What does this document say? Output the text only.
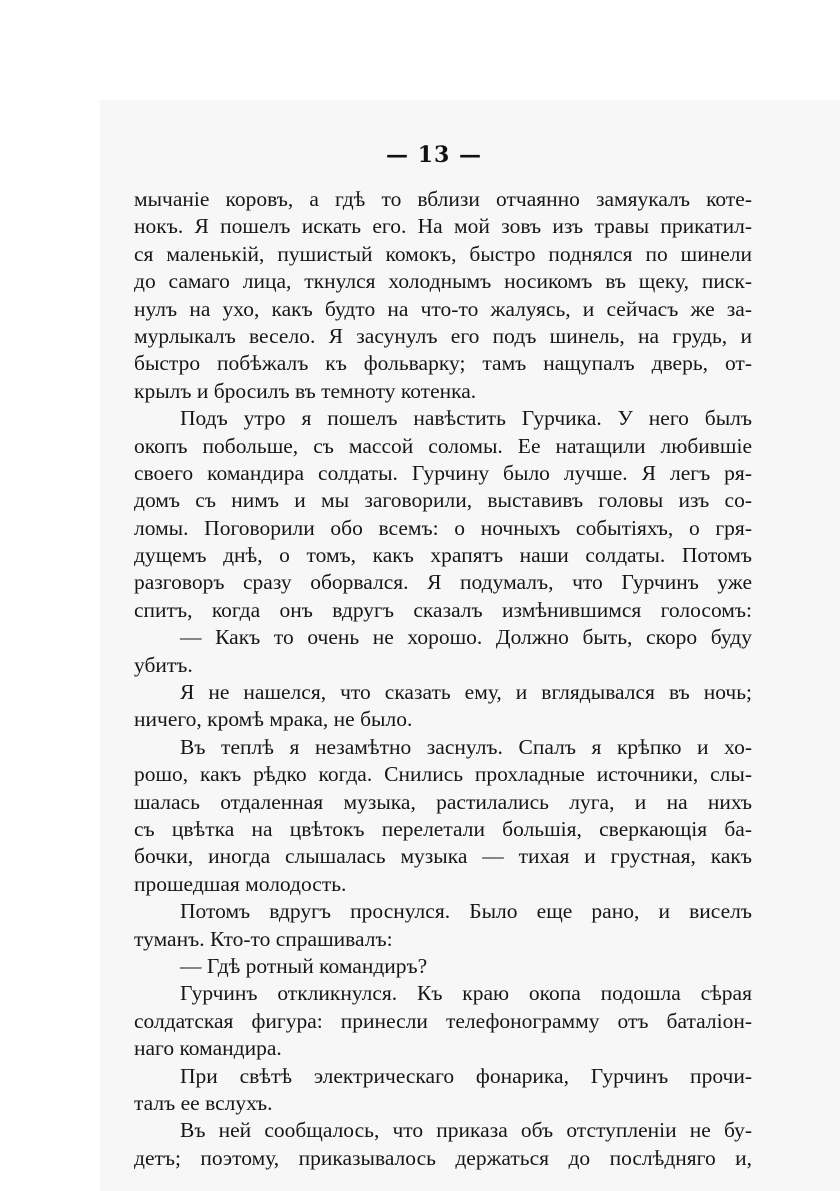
— 13 —
мычанiе коровъ, а гдѣ то вблизи отчаянно замяукалъ коте-
нокъ. Я пошелъ искать его. На мой зовъ изъ травы прикатил-
ся маленькiй, пушистый комокъ, быстро поднялся по шинели
до самаго лица, ткнулся холоднымъ носикомъ въ щеку, писк-
нулъ на ухо, какъ будто на что-то жалуясь, и сейчасъ же за-
мурлыкалъ весело. Я засунулъ его подъ шинель, на грудь, и
быстро побѣжалъ къ фольварку; тамъ нащупалъ дверь, от-
крылъ и бросилъ въ темноту котенка.
Подъ утро я пошелъ навѣстить Гурчика. У него былъ
окопъ побольше, съ массой соломы. Ее натащили любившiе
своего командира солдаты. Гурчину было лучше. Я легъ ря-
домъ съ нимъ и мы заговорили, выставивъ головы изъ со-
ломы. Поговорили обо всемъ: о ночныхъ событiяхъ, о гря-
дущемъ днѣ, о томъ, какъ храпятъ наши солдаты. Потомъ
разговоръ сразу оборвался. Я подумалъ, что Гурчинъ уже
спитъ, когда онъ вдругъ сказалъ измѣнившимся голосомъ:
— Какъ то очень не хорошо. Должно быть, скоро буду
убитъ.
Я не нашелся, что сказать ему, и вглядывался въ ночь;
ничего, кромѣ мрака, не было.
Въ теплѣ я незамѣтно заснулъ. Спалъ я крѣпко и хо-
рошо, какъ рѣдко когда. Снились прохладные источники, слы-
шалась отдаленная музыка, растилались луга, и на нихъ
съ цвѣтка на цвѣтокъ перелетали большiя, сверкающiя ба-
бочки, иногда слышалась музыка — тихая и грустная, какъ
прошедшая молодость.
Потомъ вдругъ проснулся. Было еще рано, и виселъ
туманъ. Кто-то спрашивалъ:
— Гдѣ ротный командиръ?
Гурчинъ откликнулся. Къ краю окопа подошла сѣрая
солдатская фигура: принесли телефонограмму отъ баталiон-
наго командира.
При свѣтѣ электрическаго фонарика, Гурчинъ прочи-
талъ ее вслухъ.
Въ ней сообщалось, что приказа объ отступленiи не бу-
детъ; поэтому, приказывалось держаться до послѣдняго и,
